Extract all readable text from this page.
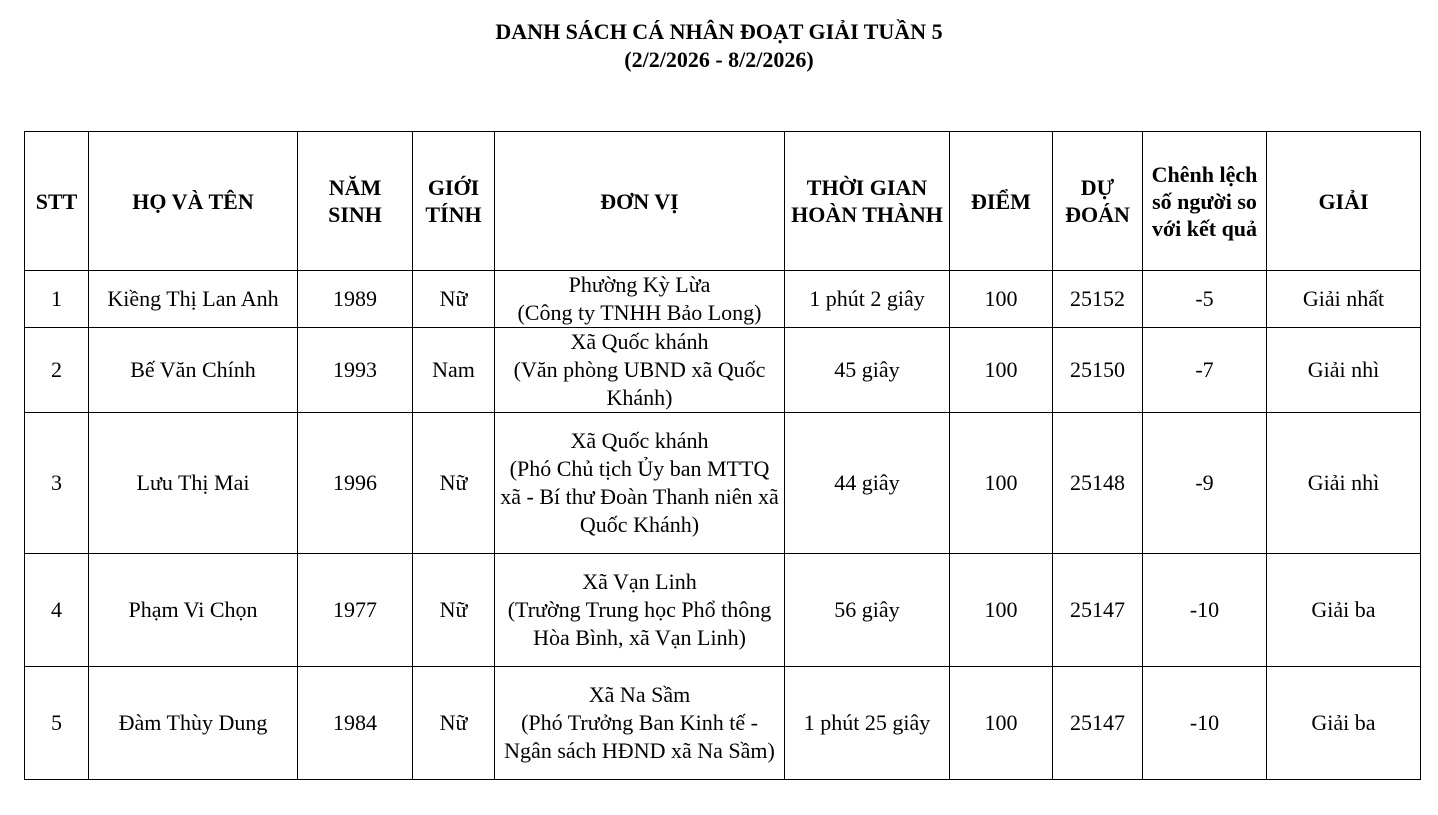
DANH SÁCH CÁ NHÂN ĐOẠT GIẢI TUẦN 5
(2/2/2026 - 8/2/2026)
STT	HỌ VÀ TÊN	NĂM SINH	GIỚI TÍNH	ĐƠN VỊ	THỜI GIAN HOÀN THÀNH	ĐIỂM	DỰ ĐOÁN	Chênh lệch số người so với kết quả	GIẢI
1	Kiềng Thị Lan Anh	1989	Nữ	Phường Kỳ Lừa
(Công ty TNHH Bảo Long)	1 phút 2 giây	100	25152	-5	Giải nhất
2	Bế Văn Chính	1993	Nam	Xã Quốc khánh
(Văn phòng UBND xã Quốc Khánh)	45 giây	100	25150	-7	Giải nhì
3	Lưu Thị Mai	1996	Nữ	Xã Quốc khánh
(Phó Chủ tịch Ủy ban MTTQ xã - Bí thư Đoàn Thanh niên xã Quốc Khánh)	44 giây	100	25148	-9	Giải nhì
4	Phạm Vi Chọn	1977	Nữ	Xã Vạn Linh
(Trường Trung học Phổ thông Hòa Bình, xã Vạn Linh)	56 giây	100	25147	-10	Giải ba
5	Đàm Thùy Dung	1984	Nữ	Xã Na Sầm
(Phó Trưởng Ban Kinh tế - Ngân sách HĐND xã Na Sầm)	1 phút 25 giây	100	25147	-10	Giải ba
